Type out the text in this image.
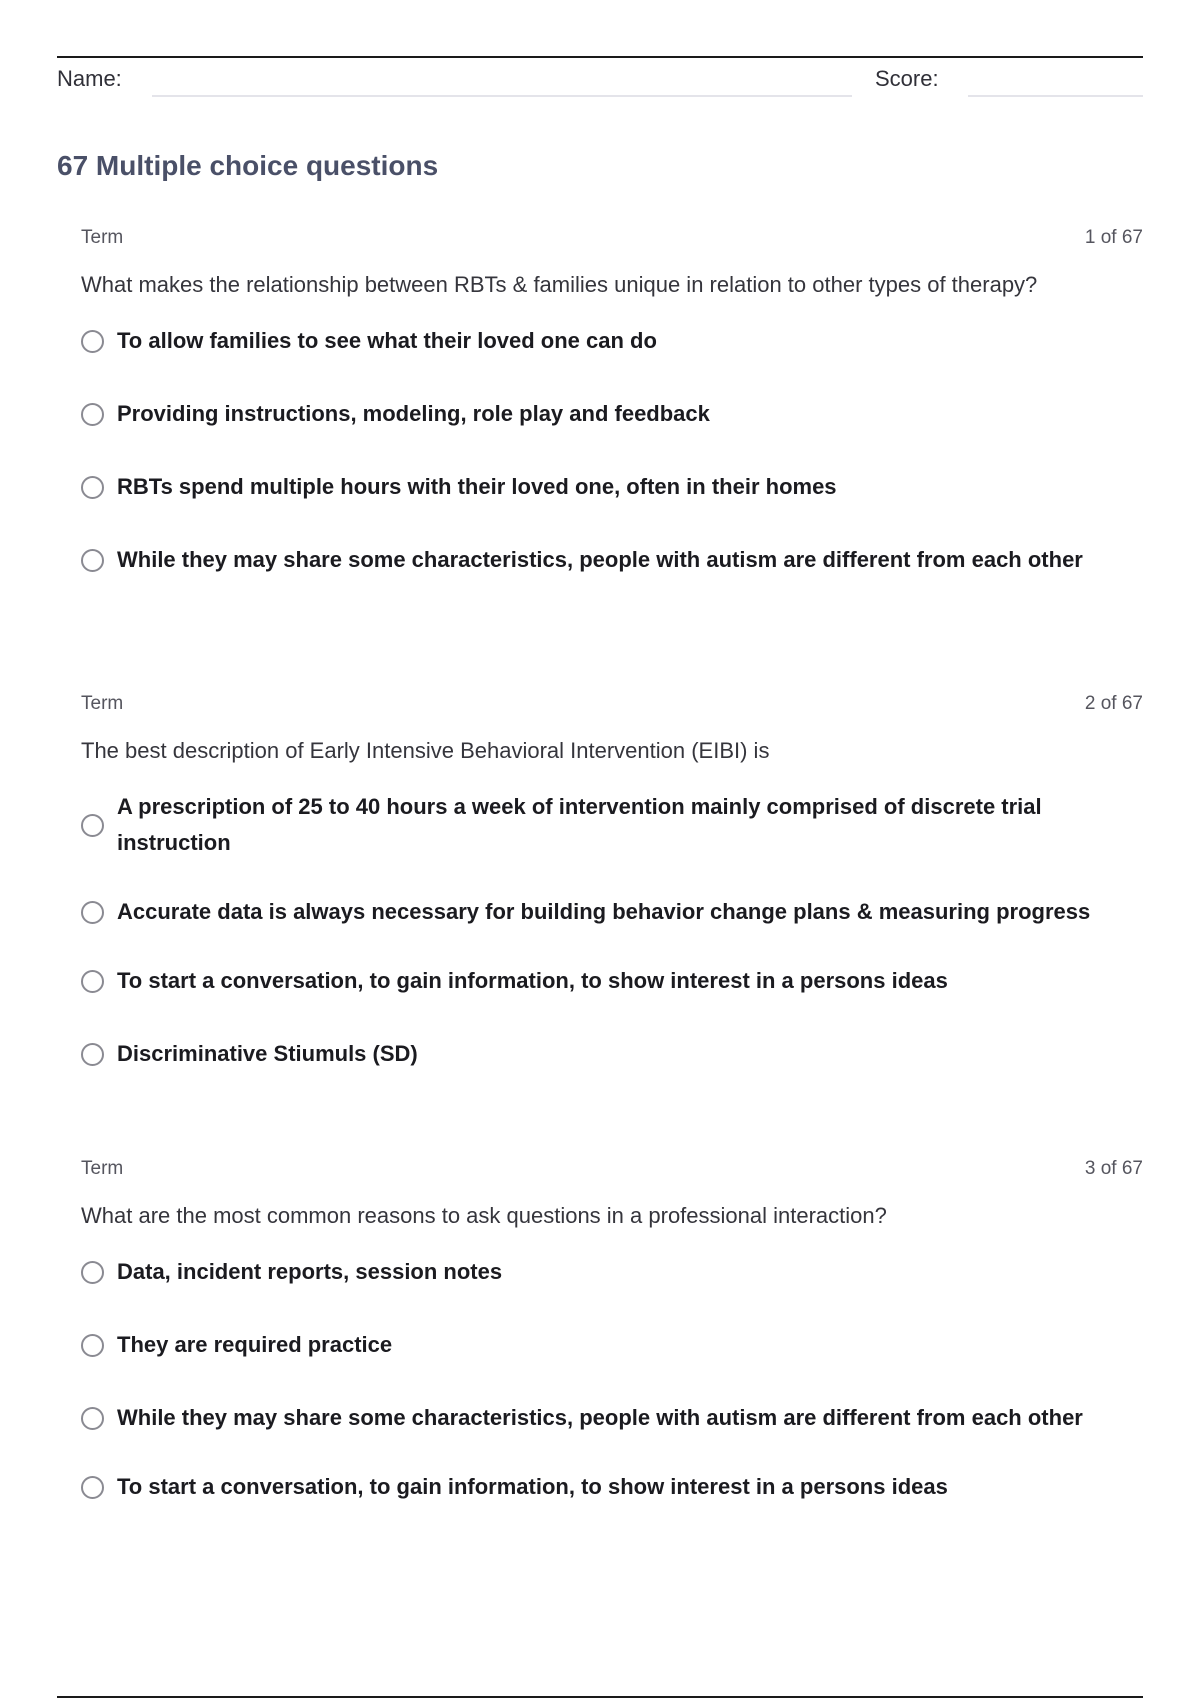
Name:	Score:
67 Multiple choice questions
Term	1 of 67
What makes the relationship between RBTs & families unique in relation to other types of therapy?
To allow families to see what their loved one can do
Providing instructions, modeling, role play and feedback
RBTs spend multiple hours with their loved one, often in their homes
While they may share some characteristics, people with autism are different from each other
Term	2 of 67
The best description of Early Intensive Behavioral Intervention (EIBI) is
A prescription of 25 to 40 hours a week of intervention mainly comprised of discrete trial instruction
Accurate data is always necessary for building behavior change plans & measuring progress
To start a conversation, to gain information, to show interest in a persons ideas
Discriminative Stiumuls (SD)
Term	3 of 67
What are the most common reasons to ask questions in a professional interaction?
Data, incident reports, session notes
They are required practice
While they may share some characteristics, people with autism are different from each other
To start a conversation, to gain information, to show interest in a persons ideas
